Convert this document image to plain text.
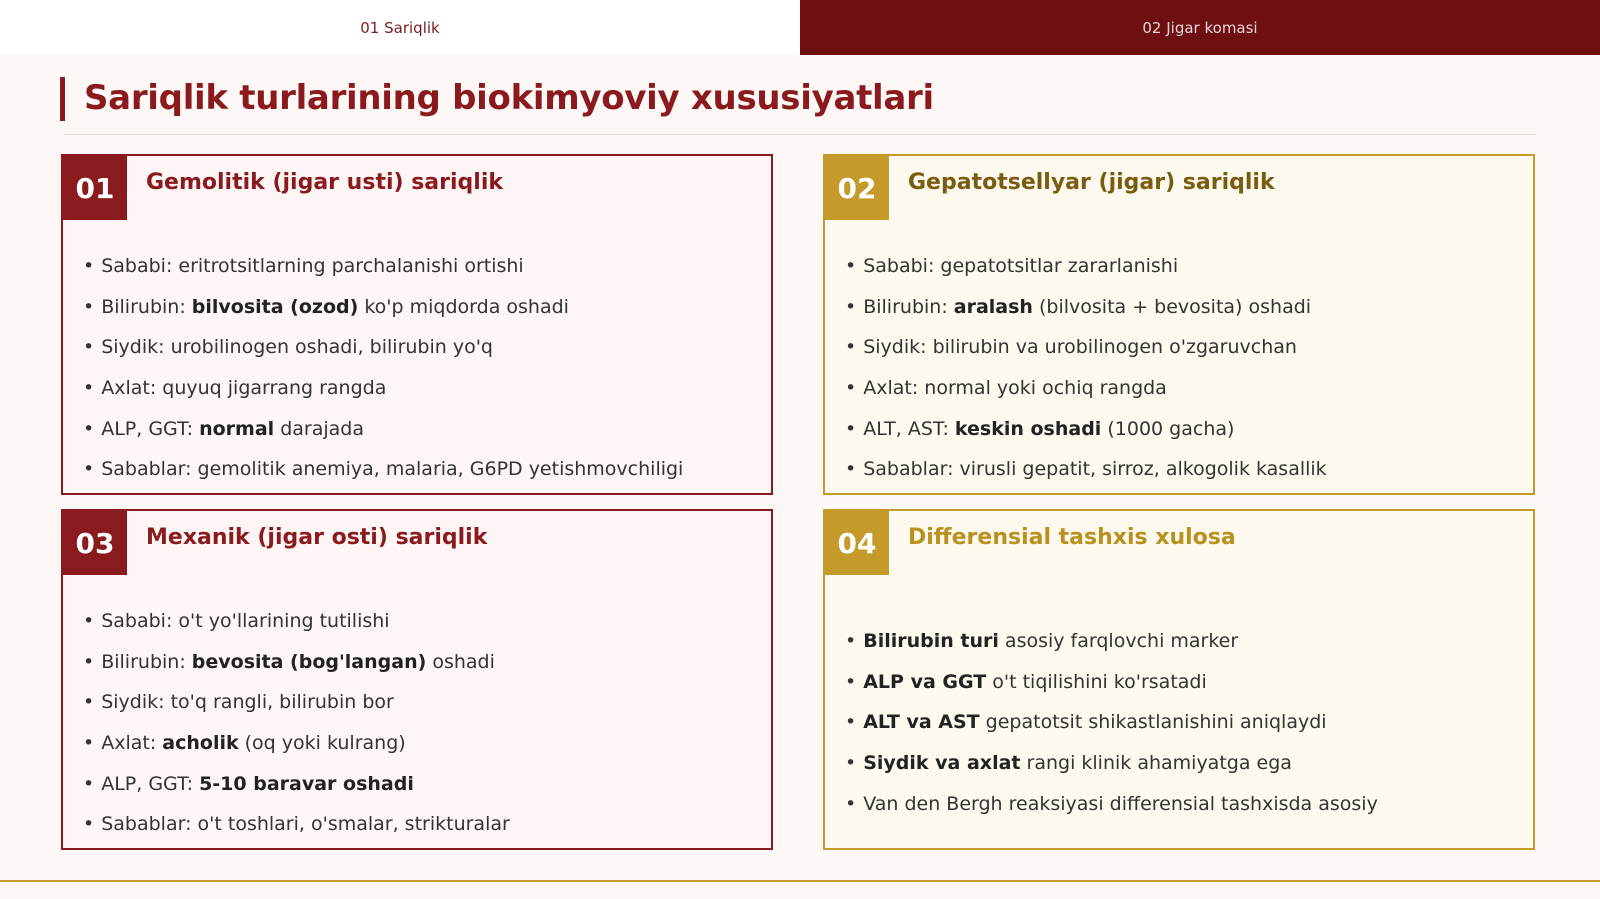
01 Sariqlik	02 Jigar komasi
Sariqlik turlarining biokimyoviy xususiyatlari
01	Gemolitik (jigar usti) sariqlik
• Sababi: eritrotsitlarning parchalanishi ortishi
• Bilirubin: bilvosita (ozod) ko'p miqdorda oshadi
• Siydik: urobilinogen oshadi, bilirubin yo'q
• Axlat: quyuq jigarrang rangda
• ALP, GGT: normal darajada
• Sabablar: gemolitik anemiya, malaria, G6PD yetishmovchiligi
02	Gepatotsellyar (jigar) sariqlik
• Sababi: gepatotsitlar zararlanishi
• Bilirubin: aralash (bilvosita + bevosita) oshadi
• Siydik: bilirubin va urobilinogen o'zgaruvchan
• Axlat: normal yoki ochiq rangda
• ALT, AST: keskin oshadi (1000 gacha)
• Sabablar: virusli gepatit, sirroz, alkogolik kasallik
03	Mexanik (jigar osti) sariqlik
• Sababi: o't yo'llarining tutilishi
• Bilirubin: bevosita (bog'langan) oshadi
• Siydik: to'q rangli, bilirubin bor
• Axlat: acholik (oq yoki kulrang)
• ALP, GGT: 5-10 baravar oshadi
• Sabablar: o't toshlari, o'smalar, strikturalar
04	Differensial tashxis xulosa
• Bilirubin turi asosiy farqlovchi marker
• ALP va GGT o't tiqilishini ko'rsatadi
• ALT va AST gepatotsit shikastlanishini aniqlaydi
• Siydik va axlat rangi klinik ahamiyatga ega
• Van den Bergh reaksiyasi differensial tashxisda asosiy
